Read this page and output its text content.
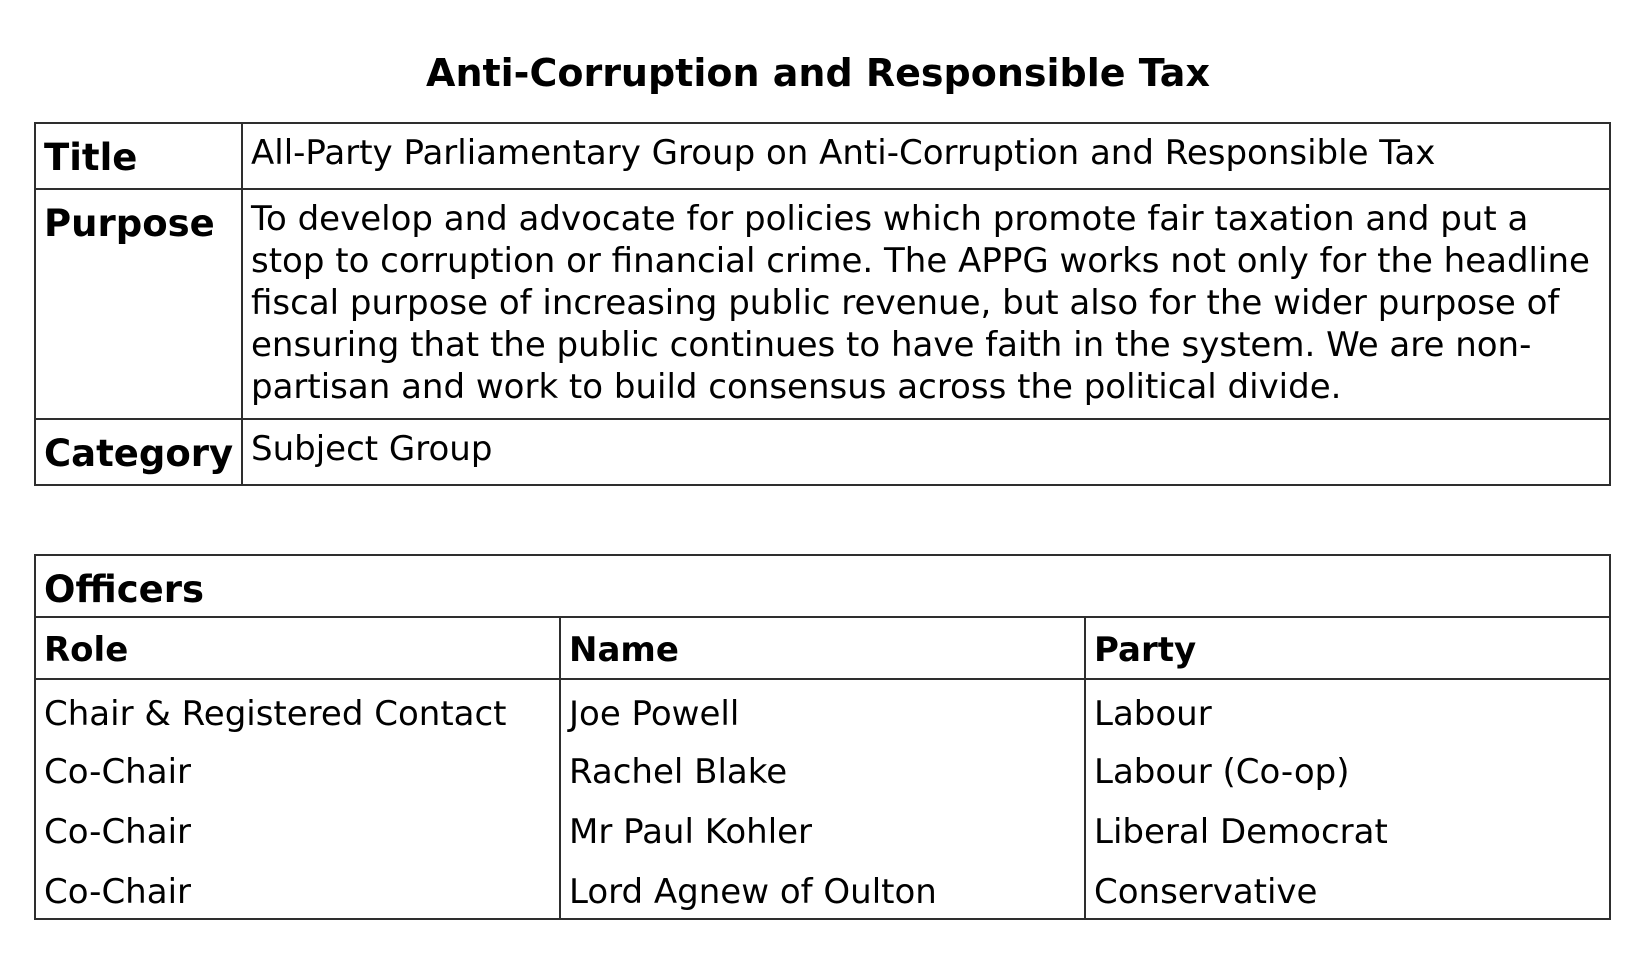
Anti-Corruption and Responsible Tax
Title	All-Party Parliamentary Group on Anti-Corruption and Responsible Tax
Purpose	To develop and advocate for policies which promote fair taxation and put a stop to corruption or financial crime. The APPG works not only for the headline fiscal purpose of increasing public revenue, but also for the wider purpose of ensuring that the public continues to have faith in the system. We are non-partisan and work to build consensus across the political divide.
Category	Subject Group
Officers		
Role	Name	Party
Chair & Registered Contact	Joe Powell	Labour
Co-Chair	Rachel Blake	Labour (Co-op)
Co-Chair	Mr Paul Kohler	Liberal Democrat
Co-Chair	Lord Agnew of Oulton	Conservative
